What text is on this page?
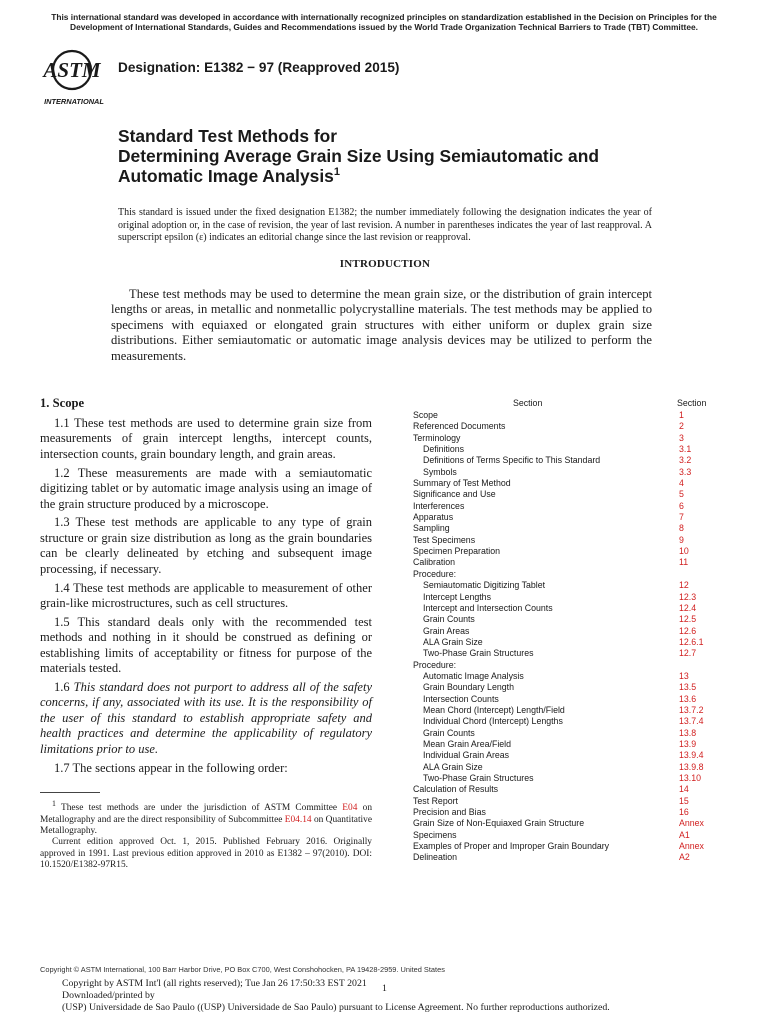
This international standard was developed in accordance with internationally recognized principles on standardization established in the Decision on Principles for the Development of International Standards, Guides and Recommendations issued by the World Trade Organization Technical Barriers to Trade (TBT) Committee.
ASTM
INTERNATIONAL
Designation: E1382 − 97 (Reapproved 2015)
Standard Test Methods for
Determining Average Grain Size Using Semiautomatic and
Automatic Image Analysis$^1$
This standard is issued under the fixed designation E1382; the number immediately following the designation indicates the year of original adoption or, in the case of revision, the year of last revision. A number in parentheses indicates the year of last reapproval. A superscript epsilon (ε) indicates an editorial change since the last revision or reapproval.
INTRODUCTION
These test methods may be used to determine the mean grain size, or the distribution of grain intercept lengths or areas, in metallic and nonmetallic polycrystalline materials. The test methods may be applied to specimens with equiaxed or elongated grain structures with either uniform or duplex grain size distributions. Either semiautomatic or automatic image analysis devices may be utilized to perform the measurements.
1. Scope

1.1 These test methods are used to determine grain size from measurements of grain intercept lengths, intercept counts, intersection counts, grain boundary length, and grain areas.

1.2 These measurements are made with a semiautomatic digitizing tablet or by automatic image analysis using an image of the grain structure produced by a microscope.

1.3 These test methods are applicable to any type of grain structure or grain size distribution as long as the grain boundaries can be clearly delineated by etching and subsequent image processing, if necessary.

1.4 These test methods are applicable to measurement of other grain-like microstructures, such as cell structures.

1.5 This standard deals only with the recommended test methods and nothing in it should be construed as defining or establishing limits of acceptability or fitness for purpose of the materials tested.

1.6 This standard does not purport to address all of the safety concerns, if any, associated with its use. It is the responsibility of the user of this standard to establish appropriate safety and health practices and determine the applicability of regulatory limitations prior to use.

1.7 The sections appear in the following order:

$^1$ These test methods are under the jurisdiction of ASTM Committee E04 on Metallography and are the direct responsibility of Subcommittee E04.14 on Quantitative Metallography.

Current edition approved Oct. 1, 2015. Published February 2016. Originally approved in 1991. Last previous edition approved in 2010 as E1382 – 97(2010). DOI: 10.1520/E1382-97R15.

Section	Section
Scope	1
Referenced Documents	2
Terminology	3
Definitions	3.1
Definitions of Terms Specific to This Standard	3.2
Symbols	3.3
Summary of Test Method	4
Significance and Use	5
Interferences	6
Apparatus	7
Sampling	8
Test Specimens	9
Specimen Preparation	10
Calibration	11
Procedure:
Semiautomatic Digitizing Tablet	12
Intercept Lengths	12.3
Intercept and Intersection Counts	12.4
Grain Counts	12.5
Grain Areas	12.6
ALA Grain Size	12.6.1
Two-Phase Grain Structures	12.7
Procedure:
Automatic Image Analysis	13
Grain Boundary Length	13.5
Intersection Counts	13.6
Mean Chord (Intercept) Length/Field	13.7.2
Individual Chord (Intercept) Lengths	13.7.4
Grain Counts	13.8
Mean Grain Area/Field	13.9
Individual Grain Areas	13.9.4
ALA Grain Size	13.9.8
Two-Phase Grain Structures	13.10
Calculation of Results	14
Test Report	15
Precision and Bias	16
Grain Size of Non-Equiaxed Grain Structure	Annex
Specimens	A1
Examples of Proper and Improper Grain Boundary	Annex
Delineation	A2
Copyright © ASTM International, 100 Barr Harbor Drive, PO Box C700, West Conshohocken, PA 19428-2959. United States

Copyright by ASTM Int'l (all rights reserved); Tue Jan 26 17:50:33 EST 2021

Downloaded/printed by

(USP) Universidade de Sao Paulo ((USP) Universidade de Sao Paulo) pursuant to License Agreement. No further reproductions authorized.

1
